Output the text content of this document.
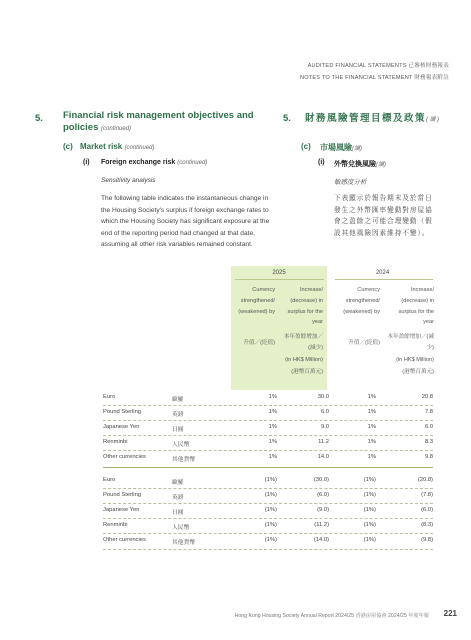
AUDITED FINANCIAL STATEMENTS 已審核財務報表
NOTES TO THE FINANCIAL STATEMENT 財務報表附註
5. Financial risk management objectives and policies (continued)
5. 財務風險管理目標及政策(續)
(c) Market risk (continued)	(c) 市場風險(續)
(i) Foreign exchange risk (continued)	(i) 外幣兌換風險(續)
Sensitivity analysis	敏感度分析
The following table indicates the instantaneous change in the Housing Society's surplus if foreign exchange rates to which the Housing Society has significant exposure at the end of the reporting period had changed at that date, assuming all other risk variables remained constant.
下表顯示於報告期末及於當日發生之外幣匯率變動對房屋協會之盈餘之可能合理變動（假設其他風險因素維持不變）。
2025	2024
Currency strengthened/ (weakened) by
Increase/ (decrease) in surplus for the year
升值／(貶值)
本年盈餘增加／(減少)
(in HK$ Million)
(港幣百萬元)
Currency strengthened/ (weakened) by
Increase/ (decrease) in surplus for the year
升值／(貶值)
本年盈餘增加／(減少)
(in HK$ Million)
(港幣百萬元)
Euro	歐羅	1%	30.0	1%	20.8
Pound Sterling	英鎊	1%	6.0	1%	7.8
Japanese Yen	日圓	1%	9.0	1%	6.0
Renminbi	人民幣	1%	11.2	1%	8.3
Other currencies	其他貨幣	1%	14.0	1%	9.8
Euro	歐羅	(1%)	(30.0)	(1%)	(20.8)
Pound Sterling	英鎊	(1%)	(6.0)	(1%)	(7.8)
Japanese Yen	日圓	(1%)	(9.0)	(1%)	(6.0)
Renminbi	人民幣	(1%)	(11.2)	(1%)	(8.3)
Other currencies	其他貨幣	(1%)	(14.0)	(1%)	(9.8)
Hong Kong Housing Society Annual Report 2024/25 香港房屋協會 2024/25 年度年報 221
